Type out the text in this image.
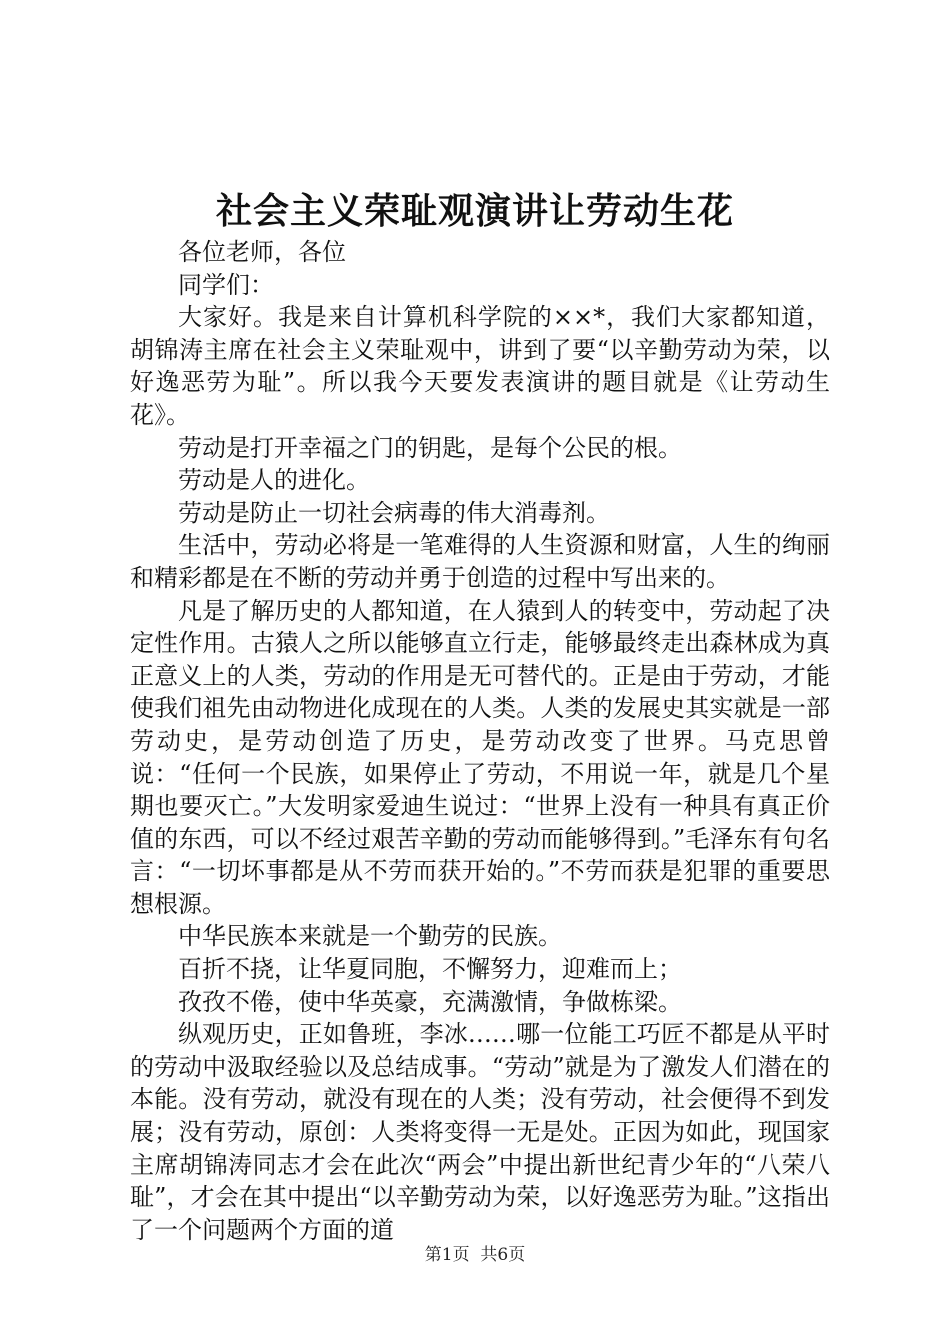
社会主义荣耻观演讲让劳动生花

各位老师，各位

同学们：

大家好。我是来自计算机科学院的××*，我们大家都知道，胡锦涛主席在社会主义荣耻观中，讲到了要“以辛勤劳动为荣，以好逸恶劳为耻”。所以我今天要发表演讲的题目就是《让劳动生花》。

劳动是打开幸福之门的钥匙，是每个公民的根。

劳动是人的进化。

劳动是防止一切社会病毒的伟大消毒剂。

生活中，劳动必将是一笔难得的人生资源和财富，人生的绚丽和精彩都是在不断的劳动并勇于创造的过程中写出来的。

凡是了解历史的人都知道，在人猿到人的转变中，劳动起了决定性作用。古猿人之所以能够直立行走，能够最终走出森林成为真正意义上的人类，劳动的作用是无可替代的。正是由于劳动，才能使我们祖先由动物进化成现在的人类。人类的发展史其实就是一部劳动史，是劳动创造了历史，是劳动改变了世界。马克思曾说：“任何一个民族，如果停止了劳动，不用说一年，就是几个星期也要灭亡。”大发明家爱迪生说过：“世界上没有一种具有真正价值的东西，可以不经过艰苦辛勤的劳动而能够得到。”毛泽东有句名言：“一切坏事都是从不劳而获开始的。”不劳而获是犯罪的重要思想根源。

中华民族本来就是一个勤劳的民族。

百折不挠，让华夏同胞，不懈努力，迎难而上；

孜孜不倦，使中华英豪，充满激情，争做栋梁。

纵观历史，正如鲁班，李冰……哪一位能工巧匠不都是从平时的劳动中汲取经验以及总结成事。“劳动”就是为了激发人们潜在的本能。没有劳动，就没有现在的人类；没有劳动，社会便得不到发展；没有劳动，原创：人类将变得一无是处。正因为如此，现国家主席胡锦涛同志才会在此次“两会”中提出新世纪青少年的“八荣八耻”，才会在其中提出“以辛勤劳动为荣，以好逸恶劳为耻。”这指出了一个问题两个方面的道

第1页  共6页
